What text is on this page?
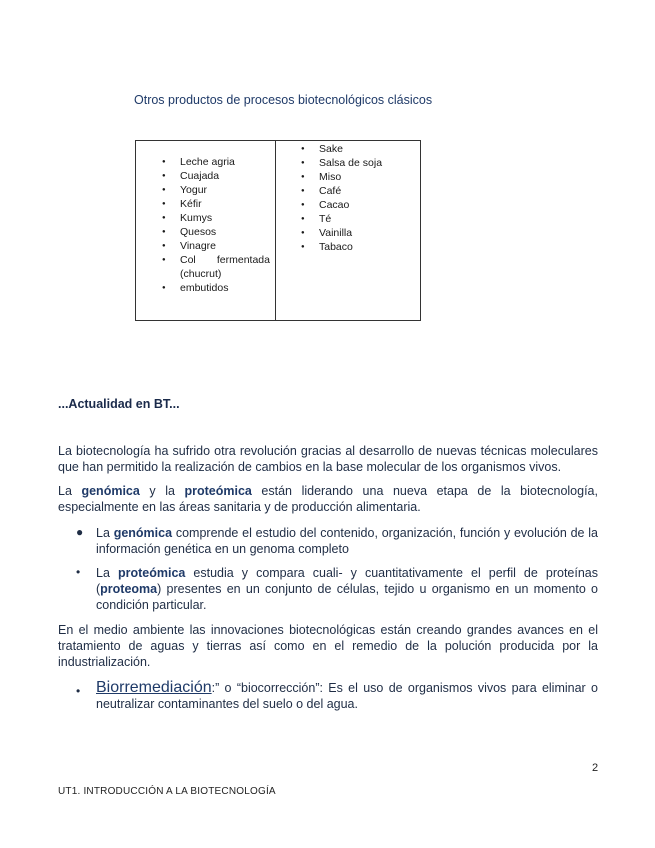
Otros productos de procesos biotecnológicos clásicos
● Leche agria
● Cuajada
● Yogur
● Kéfir
● Kumys
● Quesos
● Vinagre
● Col fermentada
(chucrut)
● embutidos
● Sake
● Salsa de soja
● Miso
● Café
● Cacao
● Té
● Vainilla
● Tabaco
...Actualidad en BT...
La biotecnología ha sufrido otra revolución gracias al desarrollo de nuevas técnicas moleculares que han permitido la realización de cambios en la base molecular de los organismos vivos.
La genómica y la proteómica están liderando una nueva etapa de la biotecnología, especialmente en las áreas sanitaria y de producción alimentaria.
● La genómica comprende el estudio del contenido, organización, función y evolución de la información genética en un genoma completo
• La proteómica estudia y compara cuali- y cuantitativamente el perfil de proteínas (proteoma) presentes en un conjunto de células, tejido u organismo en un momento o condición particular.
En el medio ambiente las innovaciones biotecnológicas están creando grandes avances en el tratamiento de aguas y tierras así como en el remedio de la polución producida por la industrialización.
• Biorremediación:” o “biocorrección”: Es el uso de organismos vivos para eliminar o neutralizar contaminantes del suelo o del agua.
2
UT1. INTRODUCCIÓN A LA BIOTECNOLOGÍA
